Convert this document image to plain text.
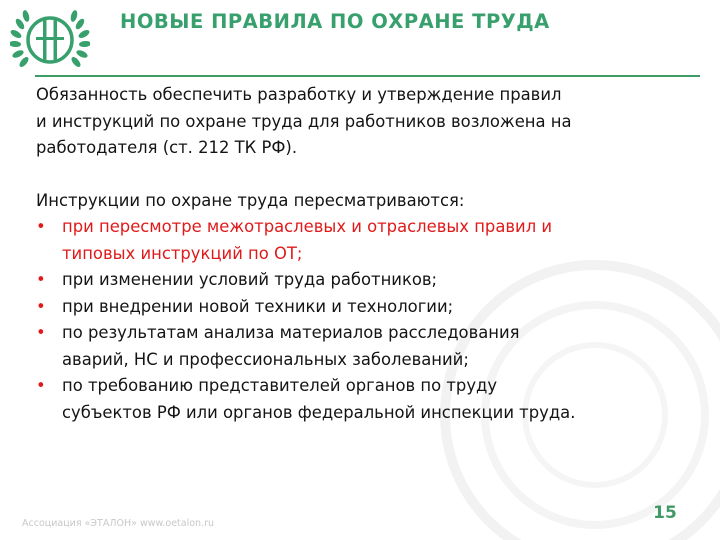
НОВЫЕ ПРАВИЛА ПО ОХРАНЕ ТРУДА
Обязанность обеспечить разработку и утверждение правил
и инструкций по охране труда для работников возложена на
работодателя (ст. 212 ТК РФ).
Инструкции по охране труда пересматриваются:
• при пересмотре межотраслевых и отраслевых правил и
типовых инструкций по ОТ;
• при изменении условий труда работников;
• при внедрении новой техники и технологии;
• по результатам анализа материалов расследования
аварий, НС и профессиональных заболеваний;
• по требованию представителей органов по труду
субъектов РФ или органов федеральной инспекции труда.
Ассоциация «ЭТАЛОН» www.oetalon.ru
15
